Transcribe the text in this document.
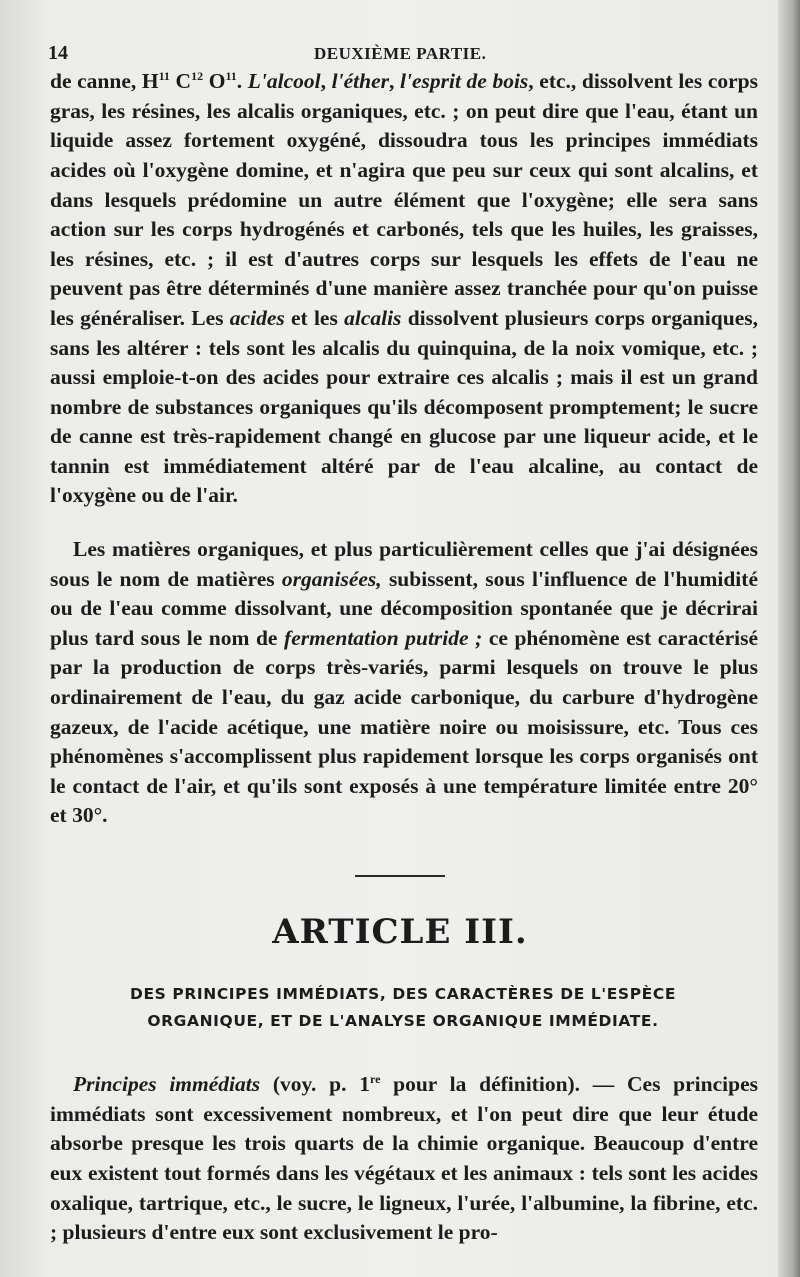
14	DEUXIÈME PARTIE.

de canne, $H^{11}$ $C^{12}$ $O^{11}$. L'alcool, l'éther, l'esprit de bois, etc., dissolvent les corps gras, les résines, les alcalis organiques, etc. ; on peut dire que l'eau, étant un liquide assez fortement oxygéné, dissoudra tous les principes immédiats acides où l'oxygène domine, et n'agira que peu sur ceux qui sont alcalins, et dans lesquels prédomine un autre élément que l'oxygène; elle sera sans action sur les corps hydrogénés et carbonés, tels que les huiles, les graisses, les résines, etc. ; il est d'autres corps sur lesquels les effets de l'eau ne peuvent pas être déterminés d'une manière assez tranchée pour qu'on puisse les généraliser. Les acides et les alcalis dissolvent plusieurs corps organiques, sans les altérer : tels sont les alcalis du quinquina, de la noix vomique, etc. ; aussi emploie-t-on des acides pour extraire ces alcalis ; mais il est un grand nombre de substances organiques qu'ils décomposent promptement; le sucre de canne est très-rapidement changé en glucose par une liqueur acide, et le tannin est immédiatement altéré par de l'eau alcaline, au contact de l'oxygène ou de l'air.

Les matières organiques, et plus particulièrement celles que j'ai désignées sous le nom de matières organisées, subissent, sous l'influence de l'humidité ou de l'eau comme dissolvant, une décomposition spontanée que je décrirai plus tard sous le nom de fermentation putride ; ce phénomène est caractérisé par la production de corps très-variés, parmi lesquels on trouve le plus ordinairement de l'eau, du gaz acide carbonique, du carbure d'hydrogène gazeux, de l'acide acétique, une matière noire ou moisissure, etc. Tous ces phénomènes s'accomplissent plus rapidement lorsque les corps organisés ont le contact de l'air, et qu'ils sont exposés à une température limitée entre 20° et 30°.

ARTICLE III.
DES PRINCIPES IMMÉDIATS, DES CARACTÈRES DE L'ESPÈCE
ORGANIQUE, ET DE L'ANALYSE ORGANIQUE IMMÉDIATE.

Principes immédiats (voy. p. 1re pour la définition). — Ces principes immédiats sont excessivement nombreux, et l'on peut dire que leur étude absorbe presque les trois quarts de la chimie organique. Beaucoup d'entre eux existent tout formés dans les végétaux et les animaux : tels sont les acides oxalique, tartrique, etc., le sucre, le ligneux, l'urée, l'albumine, la fibrine, etc. ; plusieurs d'entre eux sont exclusivement le pro-
